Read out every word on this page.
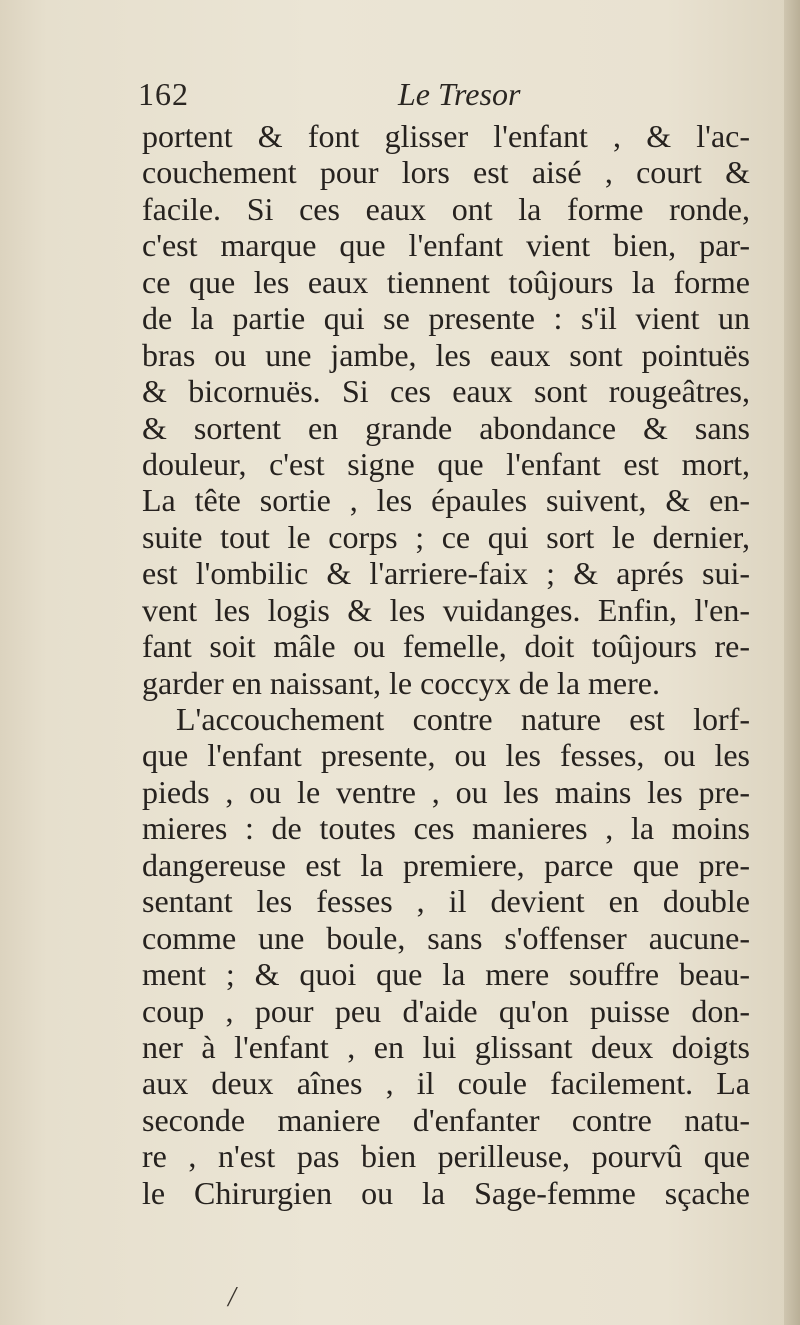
162	Le Tresor
portent & font glisser l'enfant , & l'ac-
couchement pour lors est aisé , court &
facile. Si ces eaux ont la forme ronde,
c'est marque que l'enfant vient bien, par-
ce que les eaux tiennent toûjours la forme
de la partie qui se presente : s'il vient un
bras ou une jambe, les eaux sont pointuës
& bicornuës. Si ces eaux sont rougeâtres,
& sortent en grande abondance & sans
douleur, c'est signe que l'enfant est mort,
La tête sortie , les épaules suivent, & en-
suite tout le corps ; ce qui sort le dernier,
est l'ombilic & l'arriere-faix ; & aprés sui-
vent les logis & les vuidanges. Enfin, l'en-
fant soit mâle ou femelle, doit toûjours re-
garder en naissant, le coccyx de la mere.
L'accouchement contre nature est lorf-
que l'enfant presente, ou les fesses, ou les
pieds , ou le ventre , ou les mains les pre-
mieres : de toutes ces manieres , la moins
dangereuse est la premiere, parce que pre-
sentant les fesses , il devient en double
comme une boule, sans s'offenser aucune-
ment ; & quoi que la mere souffre beau-
coup , pour peu d'aide qu'on puisse don-
ner à l'enfant , en lui glissant deux doigts
aux deux aînes , il coule facilement. La
seconde maniere d'enfanter contre natu-
re , n'est pas bien perilleuse, pourvû que
le Chirurgien ou la Sage-femme sçache
/
